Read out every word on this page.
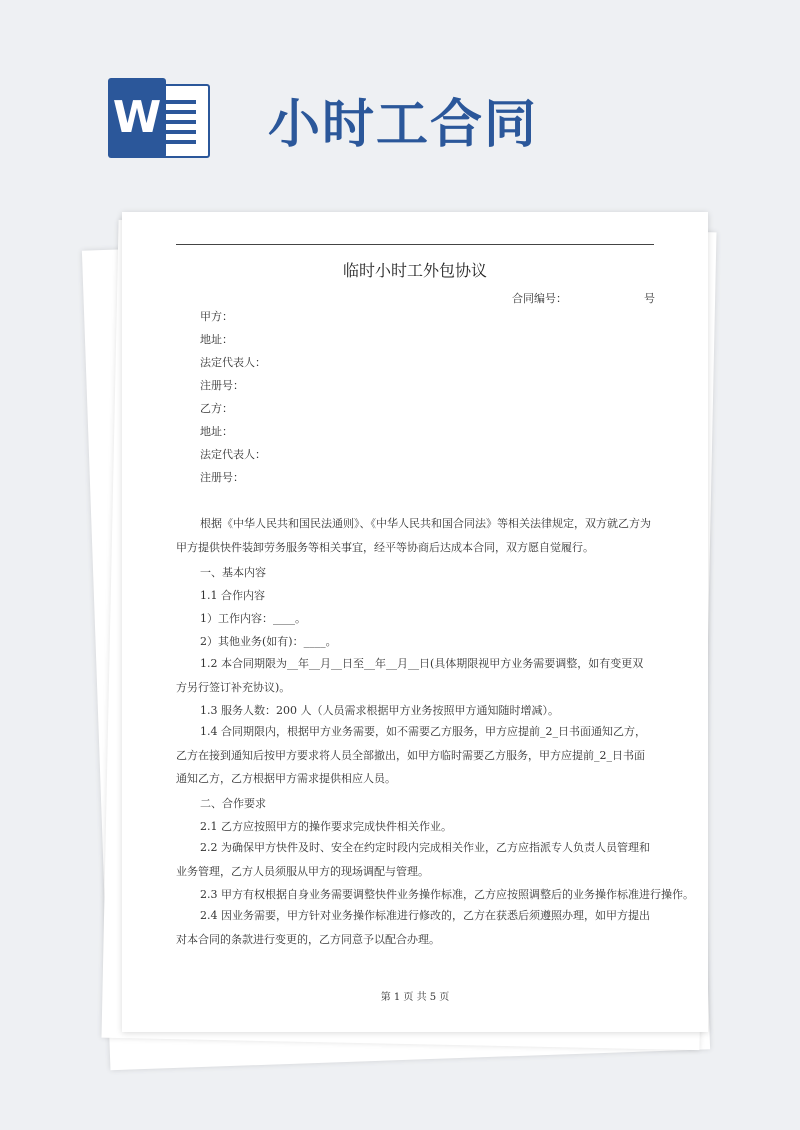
W 小时工合同
临时小时工外包协议
合同编号：	号
甲方：
地址：
法定代表人：
注册号：
乙方：
地址：
法定代表人：
注册号：
根据《中华人民共和国民法通则》、《中华人民共和国合同法》等相关法律规定，双方就乙方为甲方提供快件装卸劳务服务等相关事宜，经平等协商后达成本合同，双方愿自觉履行。
一、基本内容
1.1 合作内容
1）工作内容：____。
2）其他业务(如有)：____。
1.2 本合同期限为__年__月__日至__年__月__日(具体期限视甲方业务需要调整，如有变更双方另行签订补充协议)。
1.3 服务人数：200 人（人员需求根据甲方业务按照甲方通知随时增减）。
1.4 合同期限内，根据甲方业务需要，如不需要乙方服务，甲方应提前_2_日书面通知乙方，乙方在接到通知后按甲方要求将人员全部撤出，如甲方临时需要乙方服务，甲方应提前_2_日书面通知乙方，乙方根据甲方需求提供相应人员。
二、合作要求
2.1 乙方应按照甲方的操作要求完成快件相关作业。
2.2 为确保甲方快件及时、安全在约定时段内完成相关作业，乙方应指派专人负责人员管理和业务管理，乙方人员须服从甲方的现场调配与管理。
2.3 甲方有权根据自身业务需要调整快件业务操作标准，乙方应按照调整后的业务操作标准进行操作。
2.4 因业务需要，甲方针对业务操作标准进行修改的，乙方在获悉后须遵照办理，如甲方提出对本合同的条款进行变更的，乙方同意予以配合办理。
第 1 页 共 5 页
